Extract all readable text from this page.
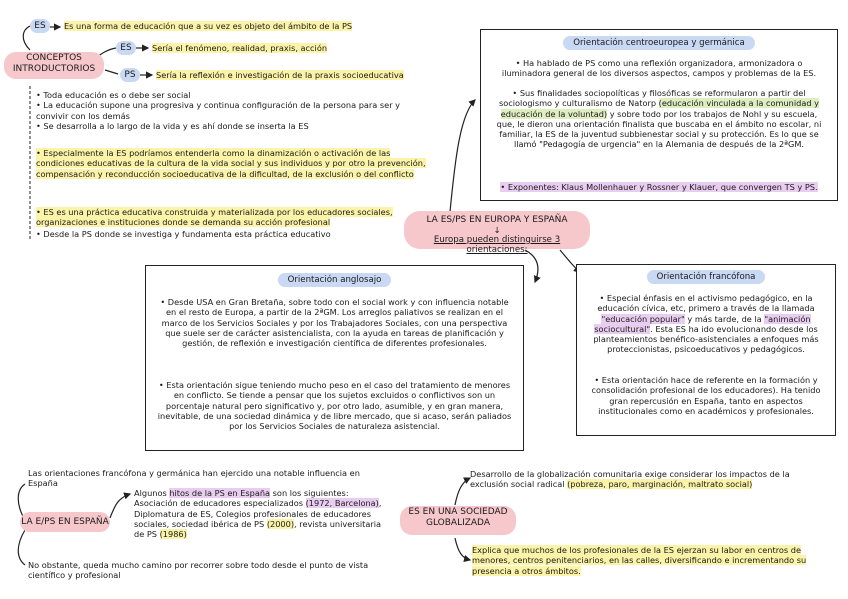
CONCEPTOS INTRODUCTORIOS
ES	Es una forma de educación que a su vez es objeto del ámbito de la PS
ES	Sería el fenómeno, realidad, praxis, acción
PS	Sería la reflexión e investigación de la praxis socioeducativa

• Toda educación es o debe ser social

• La educación supone una progresiva y continua configuración de la persona para ser y convivir con los demás

• Se desarrolla a lo largo de la vida y es ahí donde se inserta la ES

• Especialmente la ES podríamos entenderla como la dinamización o activación de las condiciones educativas de la cultura de la vida social y sus individuos y por otro la prevención, compensación y reconducción socioeducativa de la dificultad, de la exclusión o del conflicto
• ES es una práctica educativa construida y materializada por los educadores sociales, organizaciones e instituciones donde se demanda su acción profesional
• Desde la PS donde se investiga y fundamenta esta práctica educativo
LA ES/PS EN EUROPA Y ESPAÑA
↓
Europa pueden distinguirse 3 orientaciones:
Orientación centroeuropea y germánica
• Ha hablado de PS como una reflexión organizadora, armonizadora o iluminadora general de los diversos aspectos, campos y problemas de la ES.
• Sus finalidades sociopolíticas y filosóficas se reformularon a partir del sociologismo y culturalismo de Natorp (educación vinculada a la comunidad y educación de la voluntad) y sobre todo por los trabajos de Nohl y su escuela, que, le dieron una orientación finalista que buscaba en el ámbito no escolar, ni familiar, la ES de la juventud subbienestar social y su protección. Es lo que se llamó "Pedagogía de urgencia" en la Alemania de después de la 2ªGM.
• Exponentes: Klaus Mollenhauer y Rossner y Klauer, que convergen TS y PS.
Orientación anglosajo
• Desde USA en Gran Bretaña, sobre todo con el social work y con influencia notable en el resto de Europa, a partir de la 2ªGM. Los arreglos paliativos se realizan en el marco de los Servicios Sociales y por los Trabajadores Sociales, con una perspectiva que suele ser de carácter asistencialista, con la ayuda en tareas de planificación y gestión, de reflexión e investigación científica de diferentes profesionales.
• Esta orientación sigue teniendo mucho peso en el caso del tratamiento de menores en conflicto. Se tiende a pensar que los sujetos excluidos o conflictivos son un porcentaje natural pero significativo y, por otro lado, asumible, y en gran manera, inevitable, de una sociedad dinámica y de libre mercado, que si acaso, serán paliados por los Servicios Sociales de naturaleza asistencial.
Orientación francófona
• Especial énfasis en el activismo pedagógico, en la educación cívica, etc, primero a través de la llamada "educación popular" y más tarde, de la "animación sociocultural". Esta ES ha ido evolucionando desde los planteamientos benéfico-asistenciales a enfoques más proteccionistas, psicoeducativos y pedagógicos.
• Esta orientación hace de referente en la formación y consolidación profesional de los educadores). Ha tenido gran repercusión en España, tanto en aspectos institucionales como en académicos y profesionales.
LA E/PS EN ESPAÑA
Las orientaciones francófona y germánica han ejercido una notable influencia en España
Algunos hitos de la PS en España son los siguientes: Asociación de educadores especializados (1972, Barcelona), Diplomatura de ES, Colegios profesionales de educadores sociales, sociedad ibérica de PS (2000), revista universitaria de PS (1986)
No obstante, queda mucho camino por recorrer sobre todo desde el punto de vista científico y profesional
ES EN UNA SOCIEDAD GLOBALIZADA
Desarrollo de la globalización comunitaria exige considerar los impactos de la exclusión social radical (pobreza, paro, marginación, maltrato social)
Explica que muchos de los profesionales de la ES ejerzan su labor en centros de menores, centros penitenciarios, en las calles, diversificando e incrementando su presencia a otros ámbitos.
